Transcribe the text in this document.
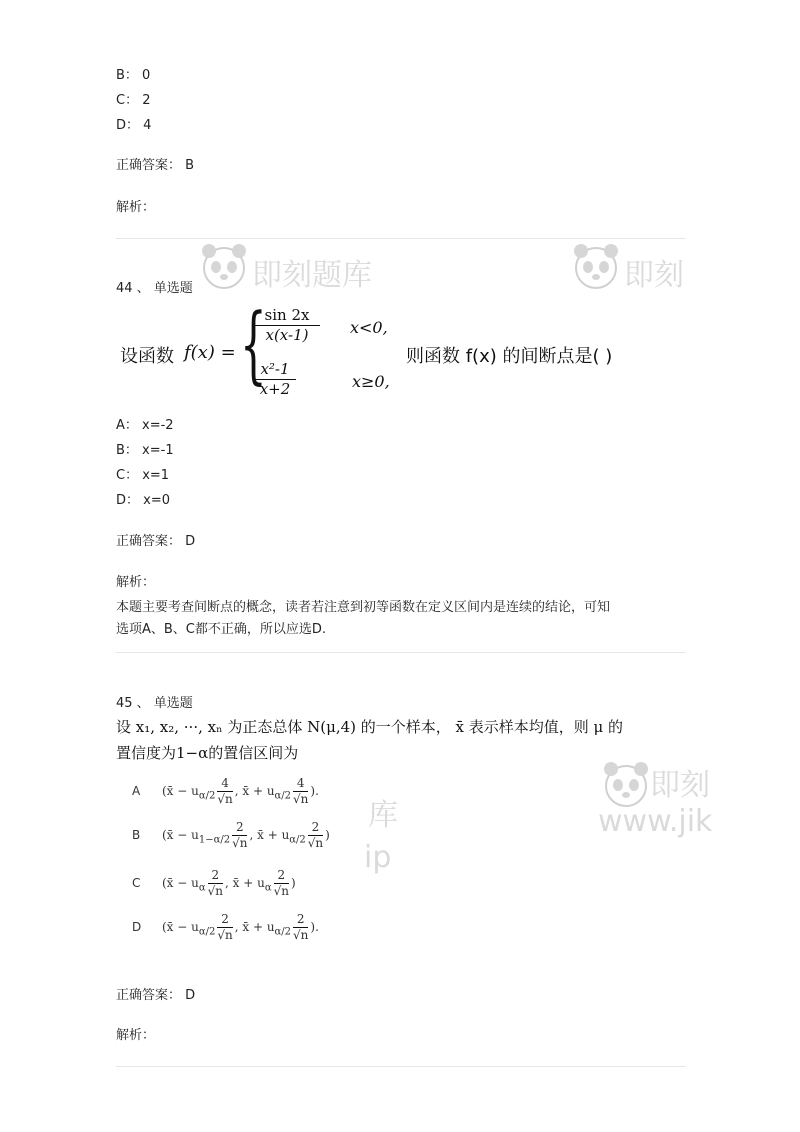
B： 0
C： 2
D： 4
正确答案： B
解析：
即刻题库	即刻
即刻
www.jik
库
ip
44 、 单选题
设函数 f(x) = {
$\frac{\sin 2x}{x(x-1)} x<0$,
$\frac{\text{x²-1}}{x+2}$	x≥0,
则函数 f(x) 的间断点是( )
A： x=-2
B： x=-1
C： x=1
D： x=0
正确答案： D
解析：
本题主要考查间断点的概念，读者若注意到初等函数在定义区间内是连续的结论，可知
选项A、B、C都不正确，所以应选D.
45 、 单选题
设 x₁, x₂, ···, xₙ 为正态总体 N(μ,4) 的一个样本， x̄ 表示样本均值，则 μ 的
置信度为1−α的置信区间为
A (x̄ − $u_{\alpha/2} \frac{4}{√n}$ , x̄ + $u_{\alpha/2} \frac{4}{√n}$ ).
B (x̄ − $u_{1-\alpha/2} \frac{2}{√n}$ , x̄ + $u_{\alpha/2} \frac{2}{√n}$ )
C (x̄ − $u_\alpha \frac{2}{√n}$ , x̄ + $u_\alpha \frac{2}{√n}$ )
D (x̄ − $u_{\alpha/2} \frac{2}{√n}$ , x̄ + $u_{\alpha/2} \frac{2}{√n}$ ).
正确答案： D
解析：
